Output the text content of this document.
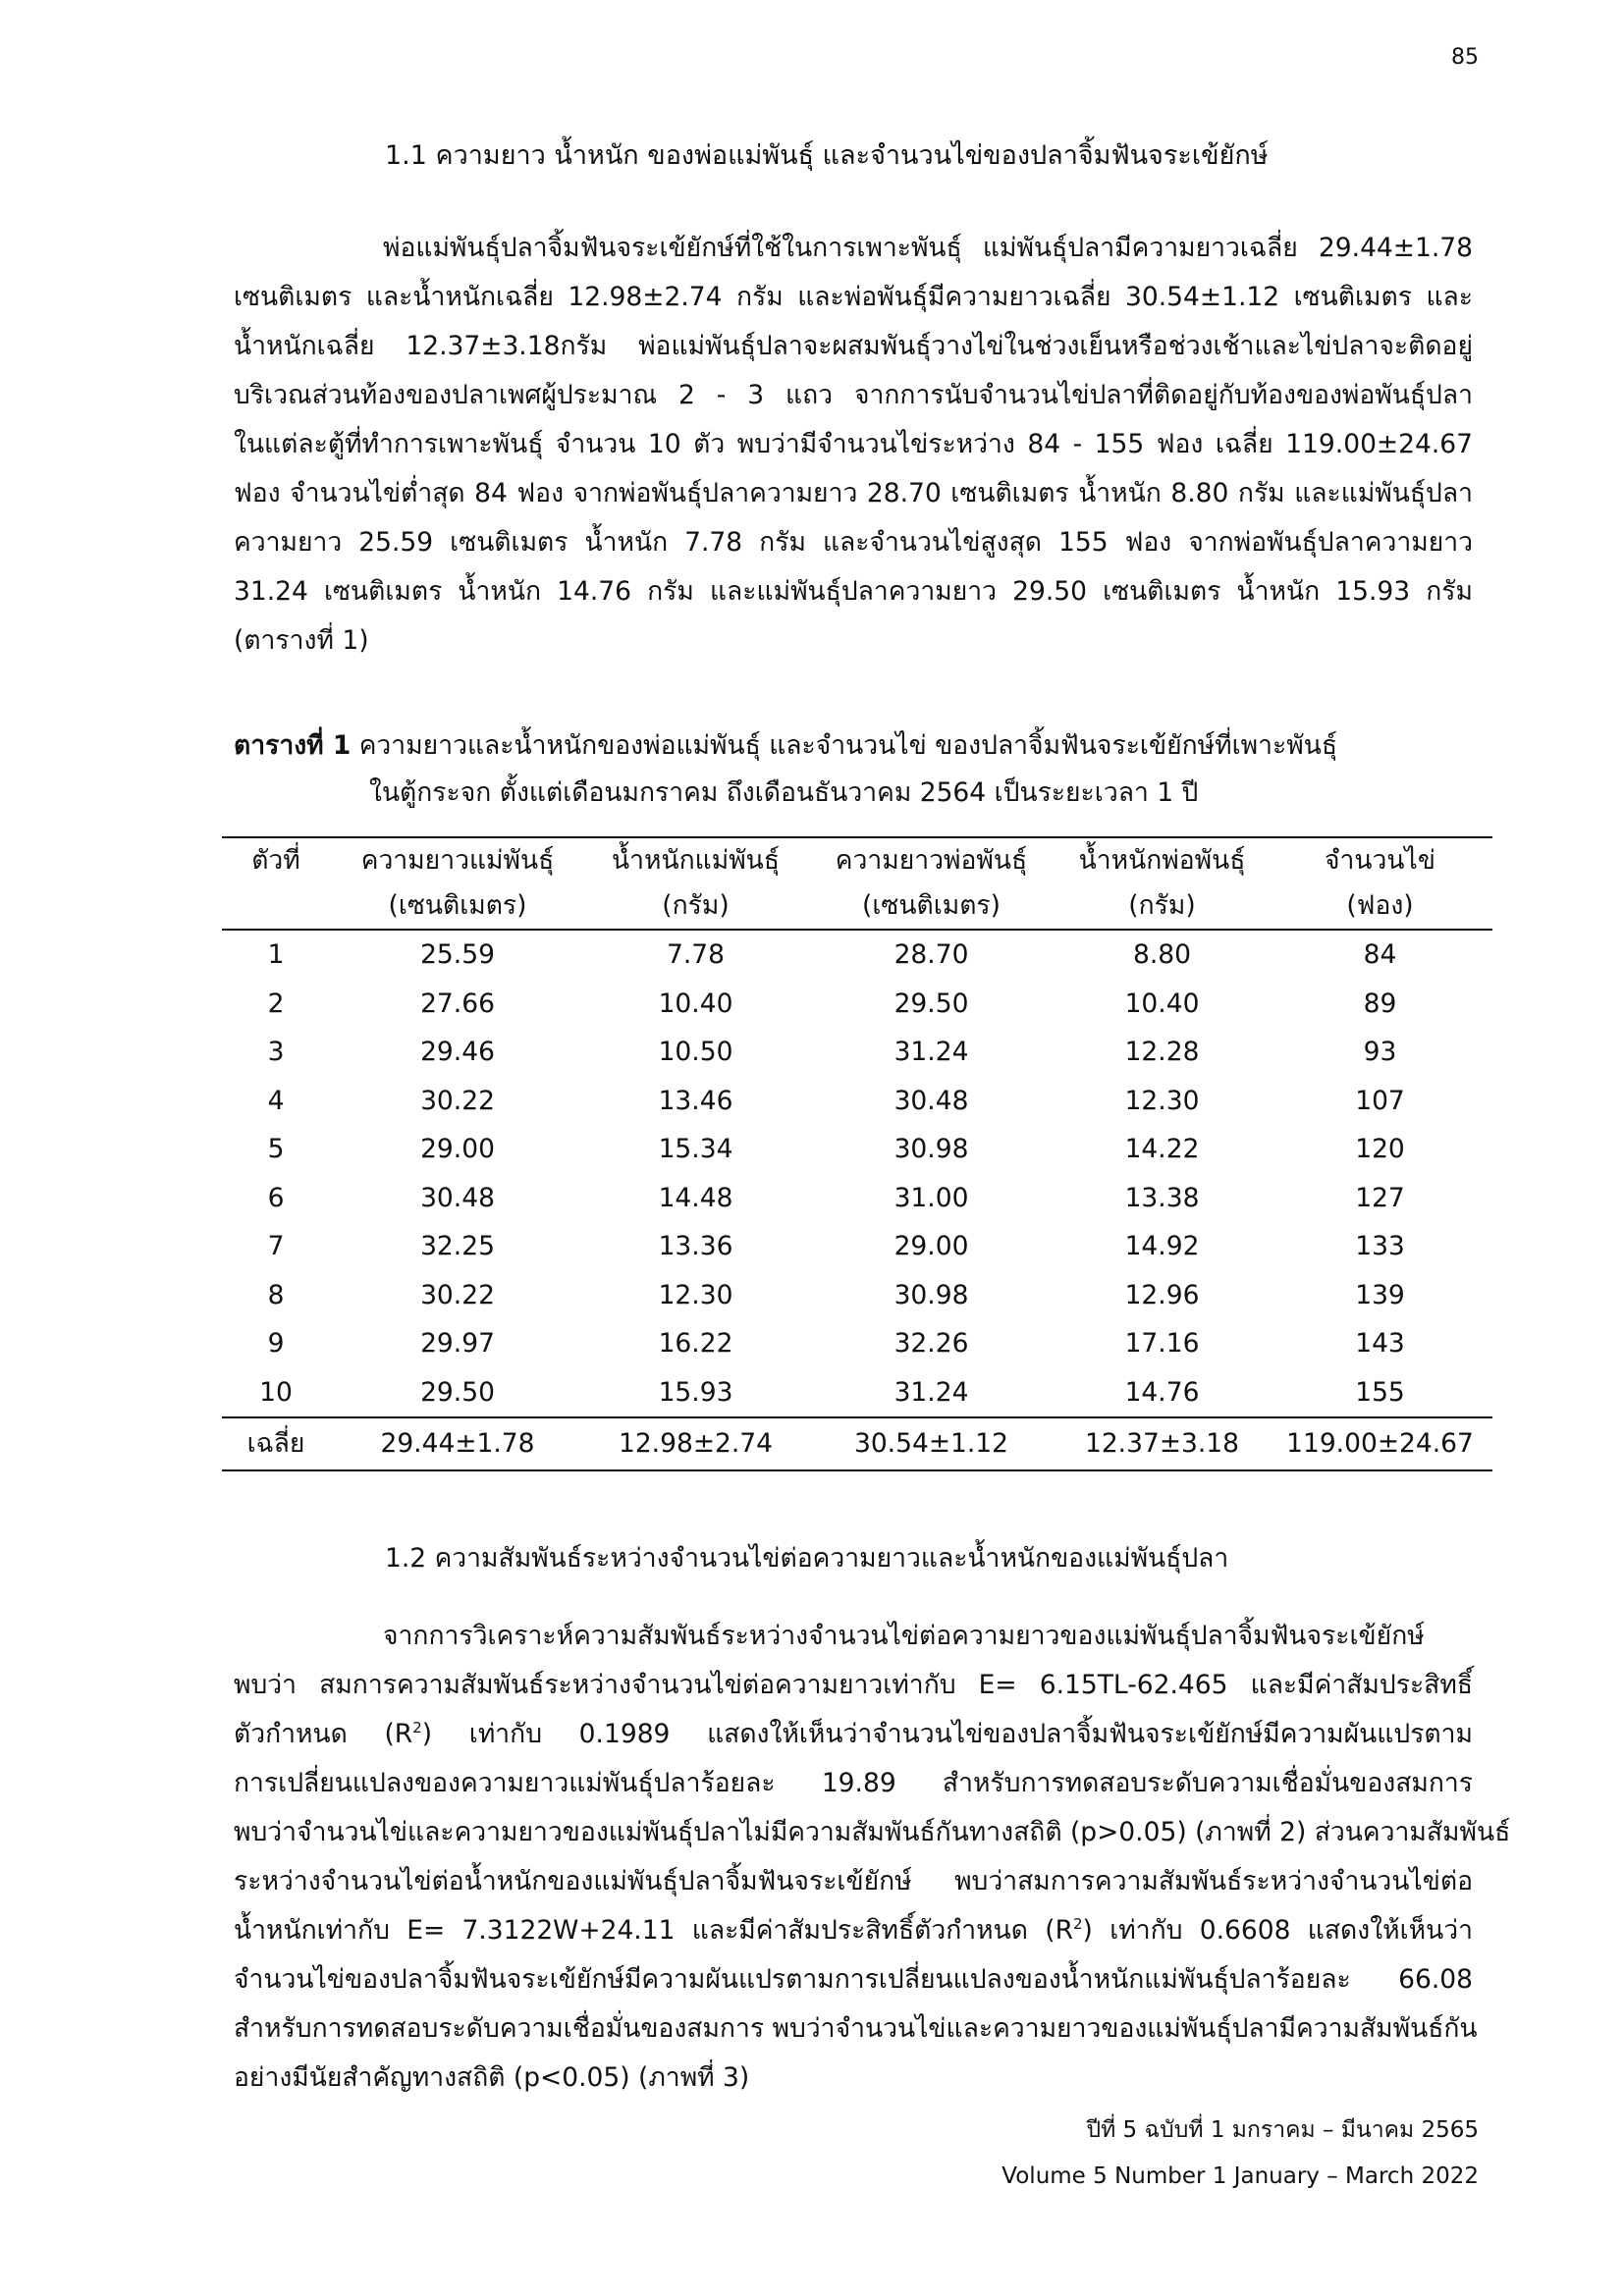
85
1.1 ความยาว น้ำหนัก ของพ่อแม่พันธุ์ และจำนวนไข่ของปลาจิ้มฟันจระเข้ยักษ์
พ่อแม่พันธุ์ปลาจิ้มฟันจระเข้ยักษ์ที่ใช้ในการเพาะพันธุ์ แม่พันธุ์ปลามีความยาวเฉลี่ย 29.44±1.78
เซนติเมตร และน้ำหนักเฉลี่ย 12.98±2.74 กรัม และพ่อพันธุ์มีความยาวเฉลี่ย 30.54±1.12 เซนติเมตร และ
น้ำหนักเฉลี่ย 12.37±3.18กรัม พ่อแม่พันธุ์ปลาจะผสมพันธุ์วางไข่ในช่วงเย็นหรือช่วงเช้าและไข่ปลาจะติดอยู่
บริเวณส่วนท้องของปลาเพศผู้ประมาณ 2 - 3 แถว จากการนับจำนวนไข่ปลาที่ติดอยู่กับท้องของพ่อพันธุ์ปลา
ในแต่ละตู้ที่ทำการเพาะพันธุ์ จำนวน 10 ตัว พบว่ามีจำนวนไข่ระหว่าง 84 - 155 ฟอง เฉลี่ย 119.00±24.67
ฟอง จำนวนไข่ต่ำสุด 84 ฟอง จากพ่อพันธุ์ปลาความยาว 28.70 เซนติเมตร น้ำหนัก 8.80 กรัม และแม่พันธุ์ปลา
ความยาว 25.59 เซนติเมตร น้ำหนัก 7.78 กรัม และจำนวนไข่สูงสุด 155 ฟอง จากพ่อพันธุ์ปลาความยาว
31.24 เซนติเมตร น้ำหนัก 14.76 กรัม และแม่พันธุ์ปลาความยาว 29.50 เซนติเมตร น้ำหนัก 15.93 กรัม
(ตารางที่ 1)
ตารางที่ 1 ความยาวและน้ำหนักของพ่อแม่พันธุ์ และจำนวนไข่ ของปลาจิ้มฟันจระเข้ยักษ์ที่เพาะพันธุ์
ในตู้กระจก ตั้งแต่เดือนมกราคม ถึงเดือนธันวาคม 2564 เป็นระยะเวลา 1 ปี
ตัวที่	ความยาวแม่พันธุ์	น้ำหนักแม่พันธุ์	ความยาวพ่อพันธุ์	น้ำหนักพ่อพันธุ์	จำนวนไข่
	(เซนติเมตร)	(กรัม)	(เซนติเมตร)	(กรัม)	(ฟอง)
1	25.59	7.78	28.70	8.80	84
2	27.66	10.40	29.50	10.40	89
3	29.46	10.50	31.24	12.28	93
4	30.22	13.46	30.48	12.30	107
5	29.00	15.34	30.98	14.22	120
6	30.48	14.48	31.00	13.38	127
7	32.25	13.36	29.00	14.92	133
8	30.22	12.30	30.98	12.96	139
9	29.97	16.22	32.26	17.16	143
10	29.50	15.93	31.24	14.76	155
เฉลี่ย	29.44±1.78	12.98±2.74	30.54±1.12	12.37±3.18	119.00±24.67
1.2 ความสัมพันธ์ระหว่างจำนวนไข่ต่อความยาวและน้ำหนักของแม่พันธุ์ปลา
จากการวิเคราะห์ความสัมพันธ์ระหว่างจำนวนไข่ต่อความยาวของแม่พันธุ์ปลาจิ้มฟันจระเข้ยักษ์
พบว่า สมการความสัมพันธ์ระหว่างจำนวนไข่ต่อความยาวเท่ากับ E= 6.15TL-62.465 และมีค่าสัมประสิทธิ์
ตัวกำหนด $(R^2)$ เท่ากับ 0.1989 แสดงให้เห็นว่าจำนวนไข่ของปลาจิ้มฟันจระเข้ยักษ์มีความผันแปรตาม
การเปลี่ยนแปลงของความยาวแม่พันธุ์ปลาร้อยละ 19.89 สำหรับการทดสอบระดับความเชื่อมั่นของสมการ
พบว่าจำนวนไข่และความยาวของแม่พันธุ์ปลาไม่มีความสัมพันธ์กันทางสถิติ (p>0.05) (ภาพที่ 2) ส่วนความสัมพันธ์
ระหว่างจำนวนไข่ต่อน้ำหนักของแม่พันธุ์ปลาจิ้มฟันจระเข้ยักษ์ พบว่าสมการความสัมพันธ์ระหว่างจำนวนไข่ต่อ
น้ำหนักเท่ากับ E= 7.3122W+24.11 และมีค่าสัมประสิทธิ์ตัวกำหนด $(R^2)$ เท่ากับ 0.6608 แสดงให้เห็นว่า
จำนวนไข่ของปลาจิ้มฟันจระเข้ยักษ์มีความผันแปรตามการเปลี่ยนแปลงของน้ำหนักแม่พันธุ์ปลาร้อยละ 66.08
สำหรับการทดสอบระดับความเชื่อมั่นของสมการ พบว่าจำนวนไข่และความยาวของแม่พันธุ์ปลามีความสัมพันธ์กัน
อย่างมีนัยสำคัญทางสถิติ (p<0.05) (ภาพที่ 3)
ปีที่ 5 ฉบับที่ 1 มกราคม – มีนาคม 2565
Volume 5 Number 1 January – March 2022
